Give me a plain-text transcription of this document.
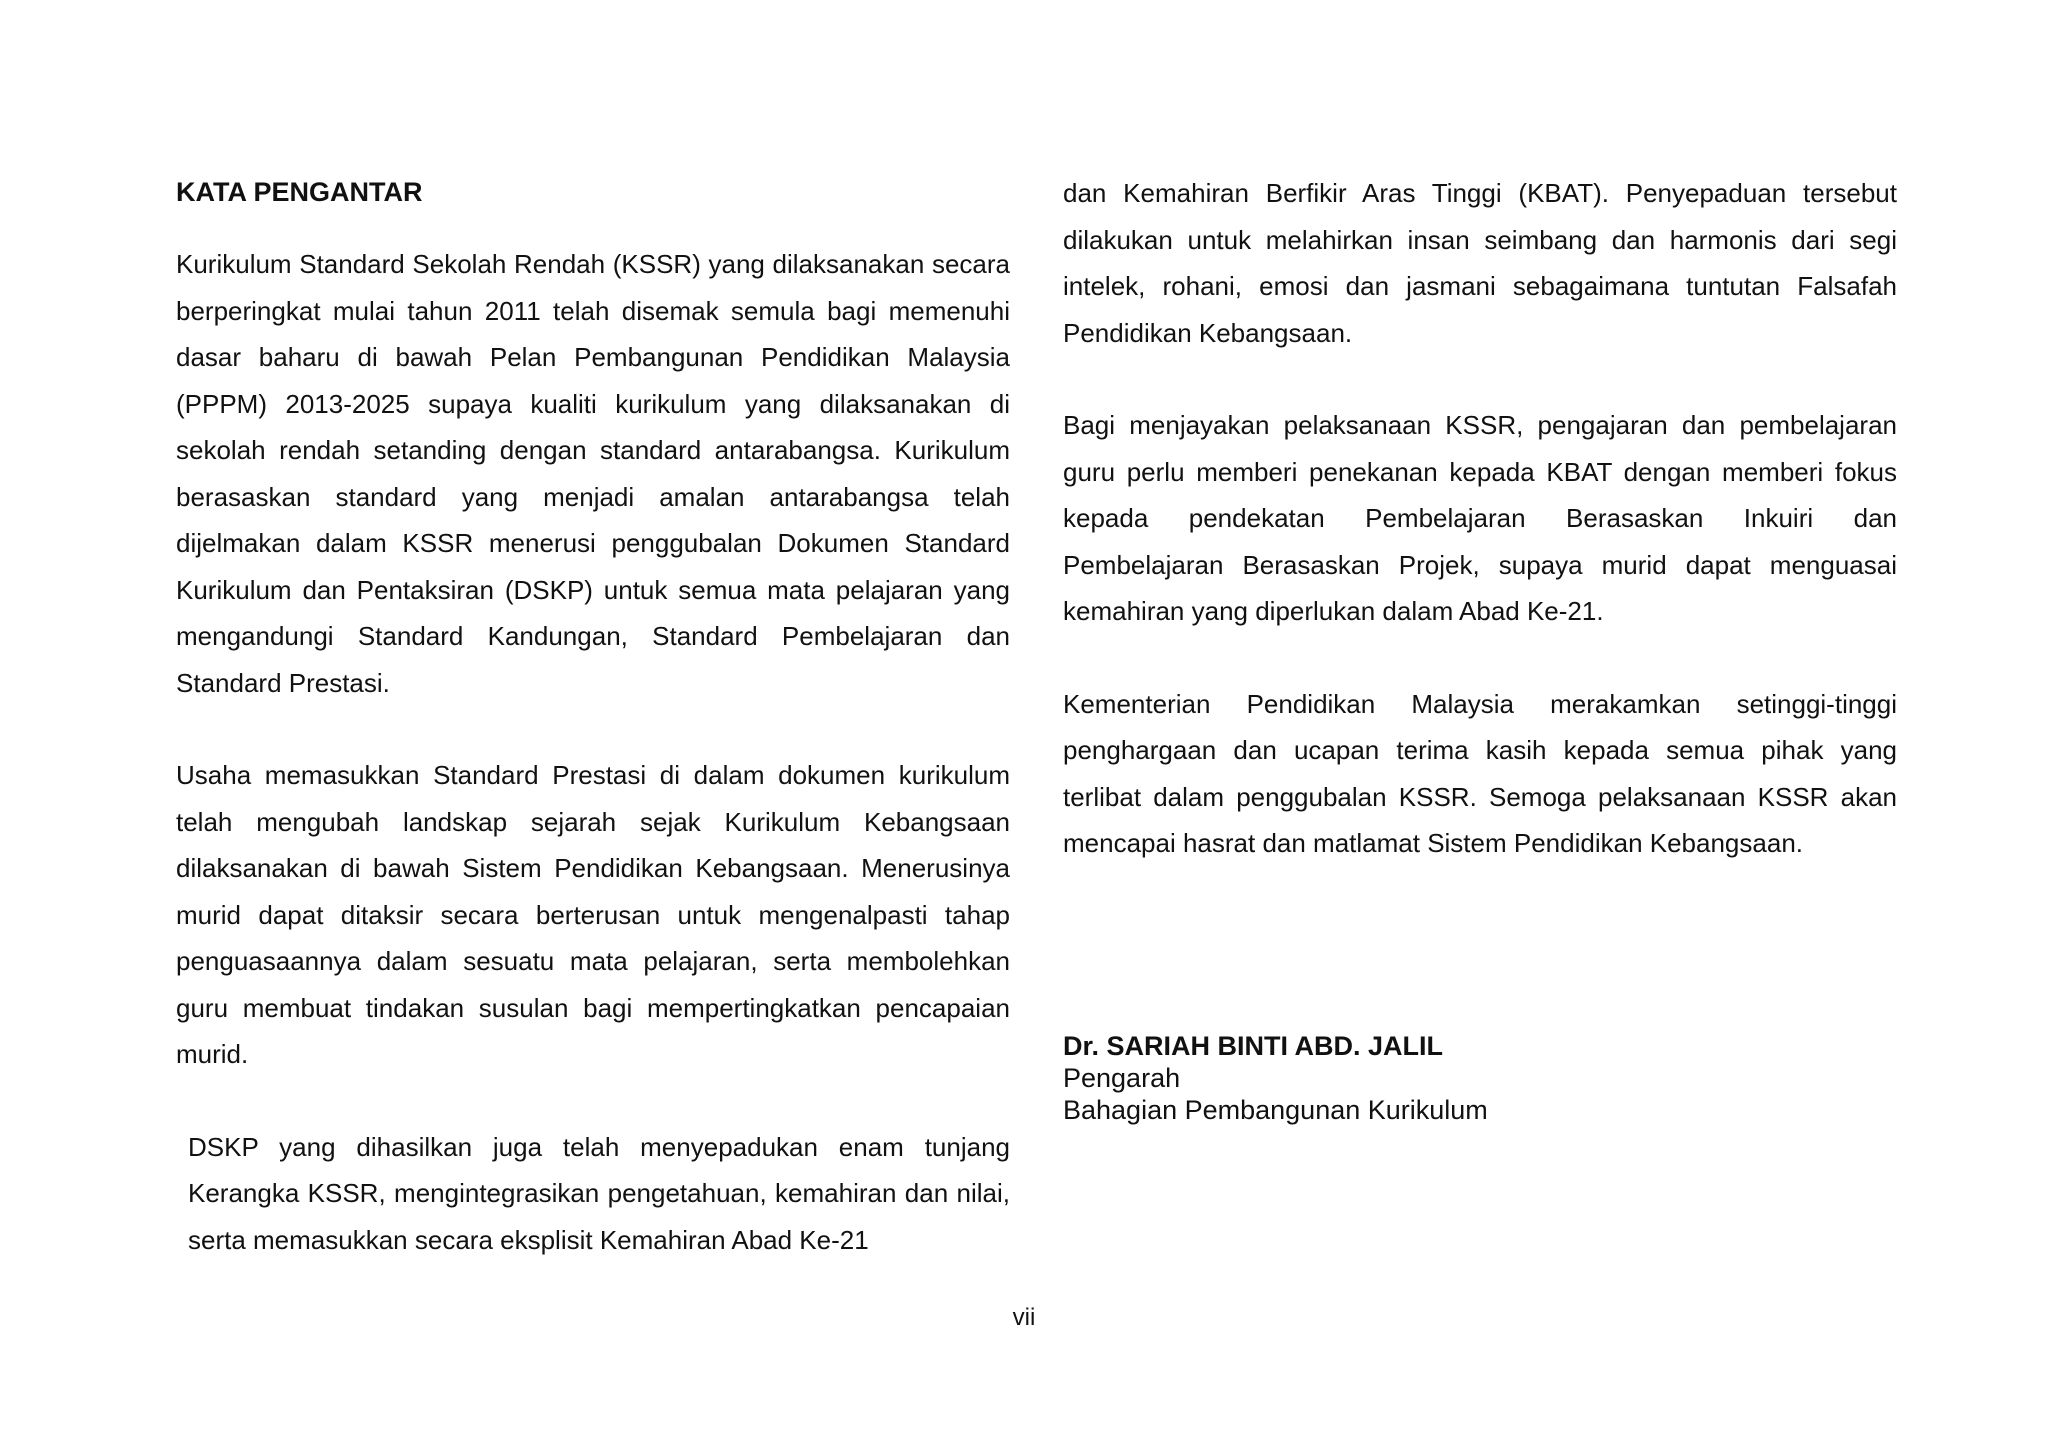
KATA PENGANTAR

Kurikulum Standard Sekolah Rendah (KSSR) yang dilaksanakan secara berperingkat mulai tahun 2011 telah disemak semula bagi memenuhi dasar baharu di bawah Pelan Pembangunan Pendidikan Malaysia (PPPM) 2013-2025 supaya kualiti kurikulum yang dilaksanakan di sekolah rendah setanding dengan standard antarabangsa. Kurikulum berasaskan standard yang menjadi amalan antarabangsa telah dijelmakan dalam KSSR menerusi penggubalan Dokumen Standard Kurikulum dan Pentaksiran (DSKP) untuk semua mata pelajaran yang mengandungi Standard Kandungan, Standard Pembelajaran dan Standard Prestasi.

Usaha memasukkan Standard Prestasi di dalam dokumen kurikulum telah mengubah landskap sejarah sejak Kurikulum Kebangsaan dilaksanakan di bawah Sistem Pendidikan Kebangsaan. Menerusinya murid dapat ditaksir secara berterusan untuk mengenalpasti tahap penguasaannya dalam sesuatu mata pelajaran, serta membolehkan guru membuat tindakan susulan bagi mempertingkatkan pencapaian murid.

DSKP yang dihasilkan juga telah menyepadukan enam tunjang Kerangka KSSR, mengintegrasikan pengetahuan, kemahiran dan nilai, serta memasukkan secara eksplisit Kemahiran Abad Ke-21

dan Kemahiran Berfikir Aras Tinggi (KBAT). Penyepaduan tersebut dilakukan untuk melahirkan insan seimbang dan harmonis dari segi intelek, rohani, emosi dan jasmani sebagaimana tuntutan Falsafah Pendidikan Kebangsaan.

Bagi menjayakan pelaksanaan KSSR, pengajaran dan pembelajaran guru perlu memberi penekanan kepada KBAT dengan memberi fokus kepada pendekatan Pembelajaran Berasaskan Inkuiri dan Pembelajaran Berasaskan Projek, supaya murid dapat menguasai kemahiran yang diperlukan dalam Abad Ke-21.

Kementerian Pendidikan Malaysia merakamkan setinggi-tinggi penghargaan dan ucapan terima kasih kepada semua pihak yang terlibat dalam penggubalan KSSR. Semoga pelaksanaan KSSR akan mencapai hasrat dan matlamat Sistem Pendidikan Kebangsaan.

Dr. SARIAH BINTI ABD. JALIL
Pengarah
Bahagian Pembangunan Kurikulum
vii
